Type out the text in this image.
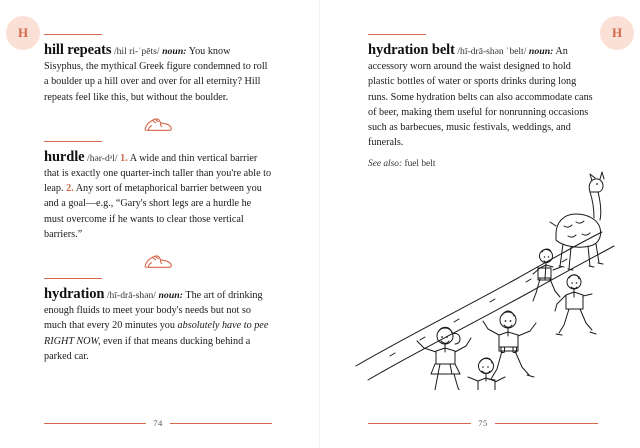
H
hill repeats /hil ri-ˈpēts/ noun: You know Sisyphus, the mythical Greek figure condemned to roll a boulder up a hill over and over for all eternity? Hill repeats feel like this, but without the boulder.
hurdle /hər-dᵊl/ 1. A wide and thin vertical barrier that is exactly one quarter-inch taller than you're able to leap. 2. Any sort of metaphorical barrier between you and a goal—e.g., “Gary's short legs are a hurdle he must overcome if he wants to clear those vertical barriers.”
hydration /hī-drā-shən/ noun: The art of drinking enough fluids to meet your body's needs but not so much that every 20 minutes you absolutely have to pee RIGHT NOW, even if that means ducking behind a parked car.
74
H
hydration belt /hī-drā-shən ˈbelt/ noun: An accessory worn around the waist designed to hold plastic bottles of water or sports drinks during long runs. Some hydration belts can also accommodate cans of beer, making them useful for nonrunning occasions such as barbecues, music festivals, weddings, and funerals.
See also: fuel belt
75
